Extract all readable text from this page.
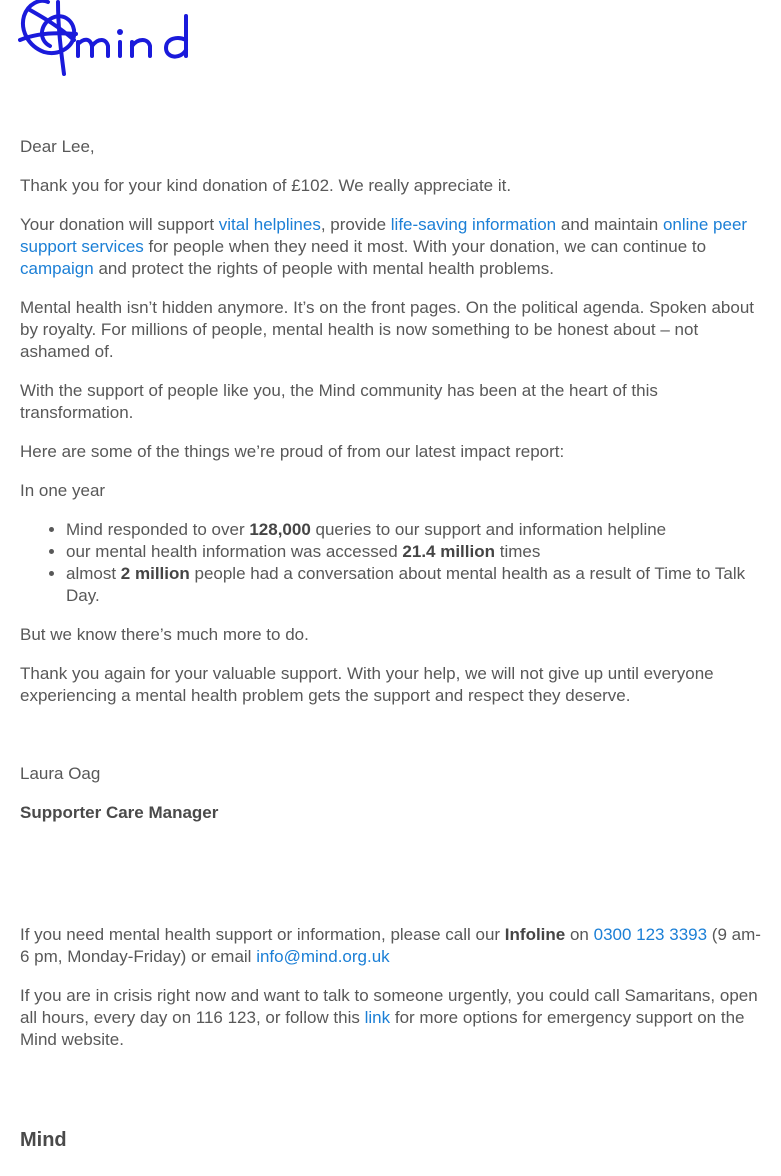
Dear Lee,

Thank you for your kind donation of £102. We really appreciate it.

Your donation will support vital helplines, provide life-saving information and maintain online peer support services for people when they need it most. With your donation, we can continue to campaign and protect the rights of people with mental health problems.

Mental health isn’t hidden anymore. It’s on the front pages. On the political agenda. Spoken about by royalty. For millions of people, mental health is now something to be honest about – not ashamed of.

With the support of people like you, the Mind community has been at the heart of this transformation.

Here are some of the things we’re proud of from our latest impact report:

In one year

• Mind responded to over 128,000 queries to our support and information helpline
• our mental health information was accessed 21.4 million times
• almost 2 million people had a conversation about mental health as a result of Time to Talk Day.

But we know there’s much more to do.

Thank you again for your valuable support. With your help, we will not give up until everyone experiencing a mental health problem gets the support and respect they deserve.

Laura Oag

Supporter Care Manager

If you need mental health support or information, please call our Infoline on 0300 123 3393 (9 am-6 pm, Monday-Friday) or email info@mind.org.uk

If you are in crisis right now and want to talk to someone urgently, you could call Samaritans, open all hours, every day on 116 123, or follow this link for more options for emergency support on the Mind website.

Mind
